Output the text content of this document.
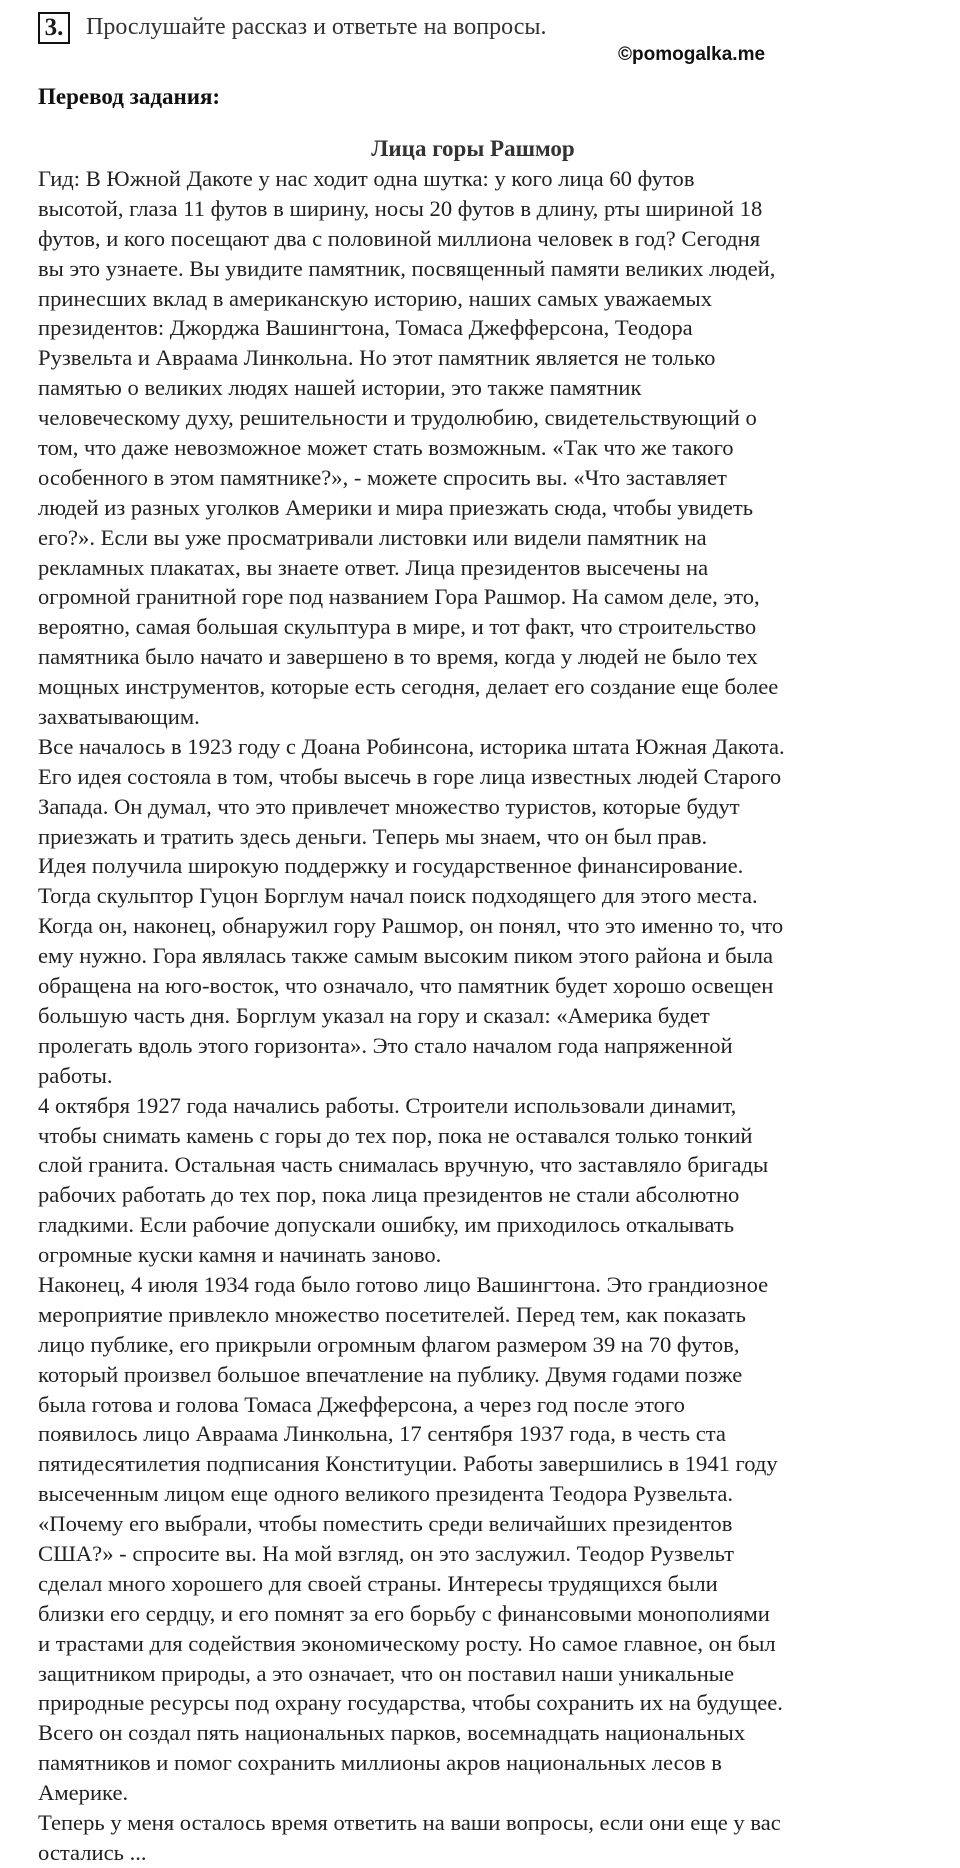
3. Прослушайте рассказ и ответьте на вопросы.
©pomogalka.me
Перевод задания:
Лица горы Рашмор
Гид: В Южной Дакоте у нас ходит одна шутка: у кого лица 60 футов
высотой, глаза 11 футов в ширину, носы 20 футов в длину, рты шириной 18
футов, и кого посещают два с половиной миллиона человек в год? Сегодня
вы это узнаете. Вы увидите памятник, посвященный памяти великих людей,
принесших вклад в американскую историю, наших самых уважаемых
президентов: Джорджа Вашингтона, Томаса Джефферсона, Теодора
Рузвельта и Авраама Линкольна. Но этот памятник является не только
памятью о великих людях нашей истории, это также памятник
человеческому духу, решительности и трудолюбию, свидетельствующий о
том, что даже невозможное может стать возможным. «Так что же такого
особенного в этом памятнике?», - можете спросить вы. «Что заставляет
людей из разных уголков Америки и мира приезжать сюда, чтобы увидеть
его?». Если вы уже просматривали листовки или видели памятник на
рекламных плакатах, вы знаете ответ. Лица президентов высечены на
огромной гранитной горе под названием Гора Рашмор. На самом деле, это,
вероятно, самая большая скульптура в мире, и тот факт, что строительство
памятника было начато и завершено в то время, когда у людей не было тех
мощных инструментов, которые есть сегодня, делает его создание еще более
захватывающим.
Все началось в 1923 году с Доана Робинсона, историка штата Южная Дакота.
Его идея состояла в том, чтобы высечь в горе лица известных людей Старого
Запада. Он думал, что это привлечет множество туристов, которые будут
приезжать и тратить здесь деньги. Теперь мы знаем, что он был прав.
Идея получила широкую поддержку и государственное финансирование.
Тогда скульптор Гуцон Борглум начал поиск подходящего для этого места.
Когда он, наконец, обнаружил гору Рашмор, он понял, что это именно то, что
ему нужно. Гора являлась также самым высоким пиком этого района и была
обращена на юго-восток, что означало, что памятник будет хорошо освещен
большую часть дня. Борглум указал на гору и сказал: «Америка будет
пролегать вдоль этого горизонта». Это стало началом года напряженной
работы.
4 октября 1927 года начались работы. Строители использовали динамит,
чтобы снимать камень с горы до тех пор, пока не оставался только тонкий
слой гранита. Остальная часть снималась вручную, что заставляло бригады
рабочих работать до тех пор, пока лица президентов не стали абсолютно
гладкими. Если рабочие допускали ошибку, им приходилось откалывать
огромные куски камня и начинать заново.
Наконец, 4 июля 1934 года было готово лицо Вашингтона. Это грандиозное
мероприятие привлекло множество посетителей. Перед тем, как показать
лицо публике, его прикрыли огромным флагом размером 39 на 70 футов,
который произвел большое впечатление на публику. Двумя годами позже
была готова и голова Томаса Джефферсона, а через год после этого
появилось лицо Авраама Линкольна, 17 сентября 1937 года, в честь ста
пятидесятилетия подписания Конституции. Работы завершились в 1941 году
высеченным лицом еще одного великого президента Теодора Рузвельта.
«Почему его выбрали, чтобы поместить среди величайших президентов
США?» - спросите вы. На мой взгляд, он это заслужил. Теодор Рузвельт
сделал много хорошего для своей страны. Интересы трудящихся были
близки его сердцу, и его помнят за его борьбу с финансовыми монополиями
и трастами для содействия экономическому росту. Но самое главное, он был
защитником природы, а это означает, что он поставил наши уникальные
природные ресурсы под охрану государства, чтобы сохранить их на будущее.
Всего он создал пять национальных парков, восемнадцать национальных
памятников и помог сохранить миллионы акров национальных лесов в
Америке.
Теперь у меня осталось время ответить на ваши вопросы, если они еще у вас
остались ...
